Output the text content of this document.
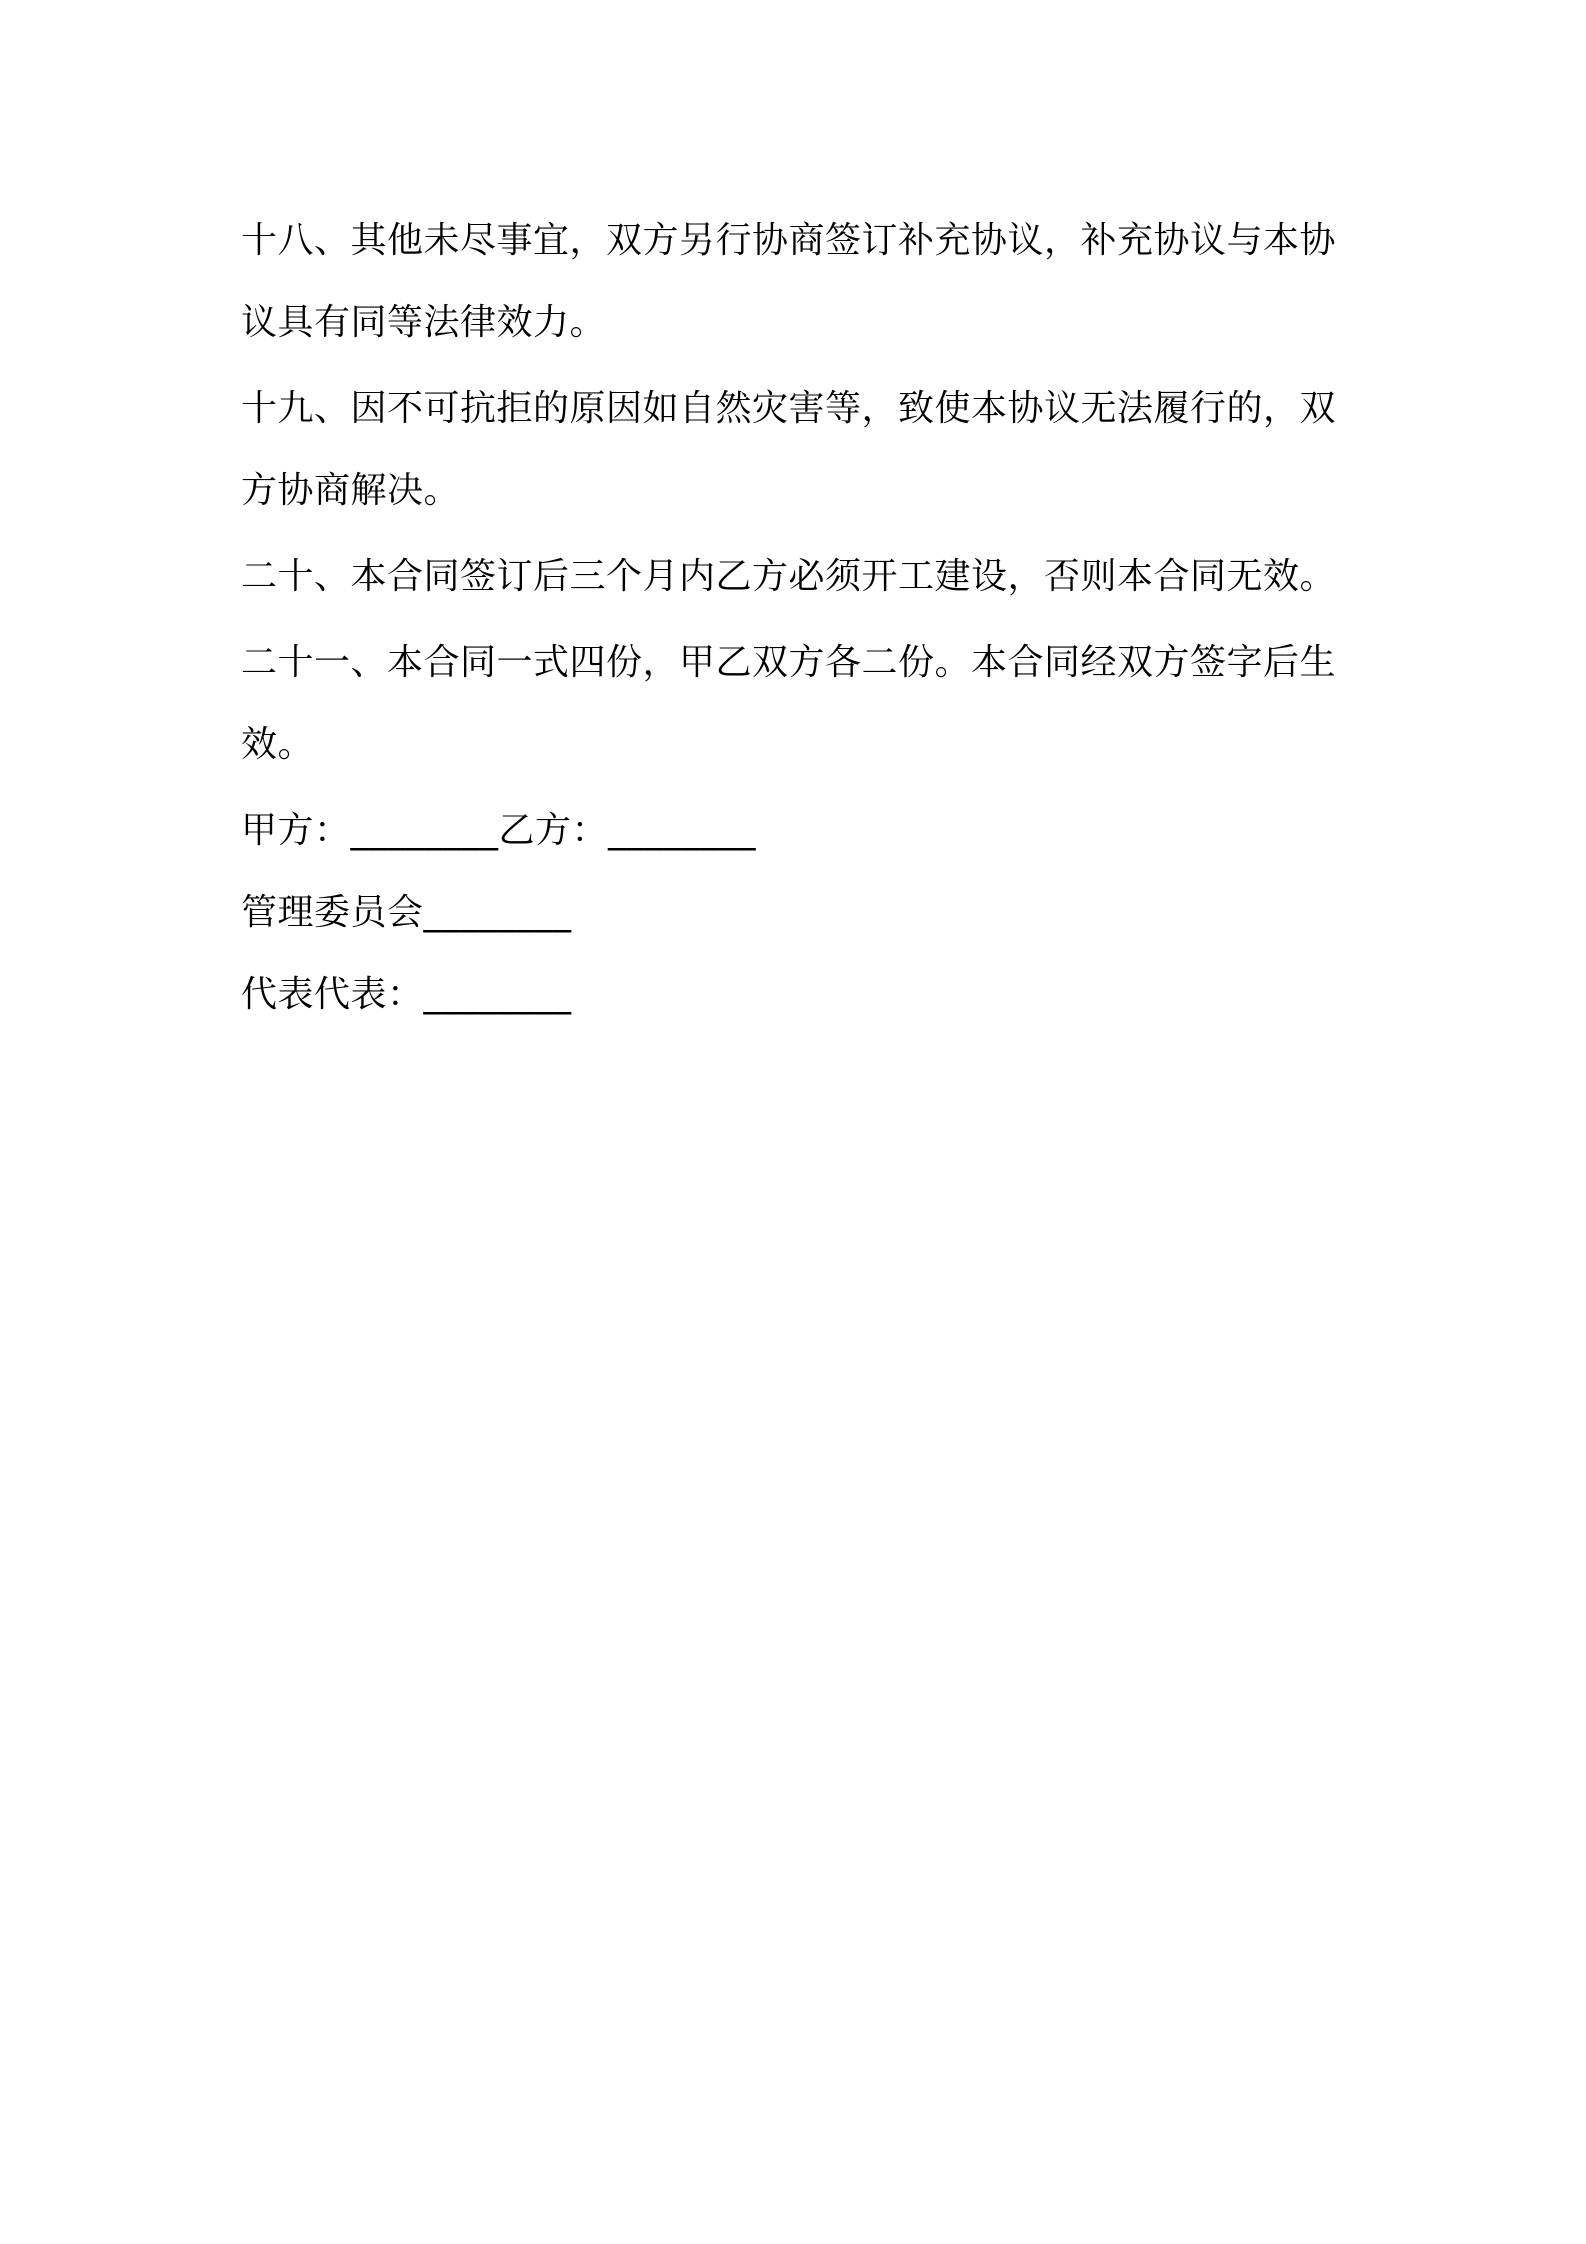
十八、其他未尽事宜，双方另行协商签订补充协议，补充协议与本协议具有同等法律效力。

十九、因不可抗拒的原因如自然灾害等，致使本协议无法履行的，双方协商解决。

二十、本合同签订后三个月内乙方必须开工建设，否则本合同无效。

二十一、本合同一式四份，甲乙双方各二份。本合同经双方签字后生效。

甲方：________乙方：________

管理委员会________

代表代表：________
